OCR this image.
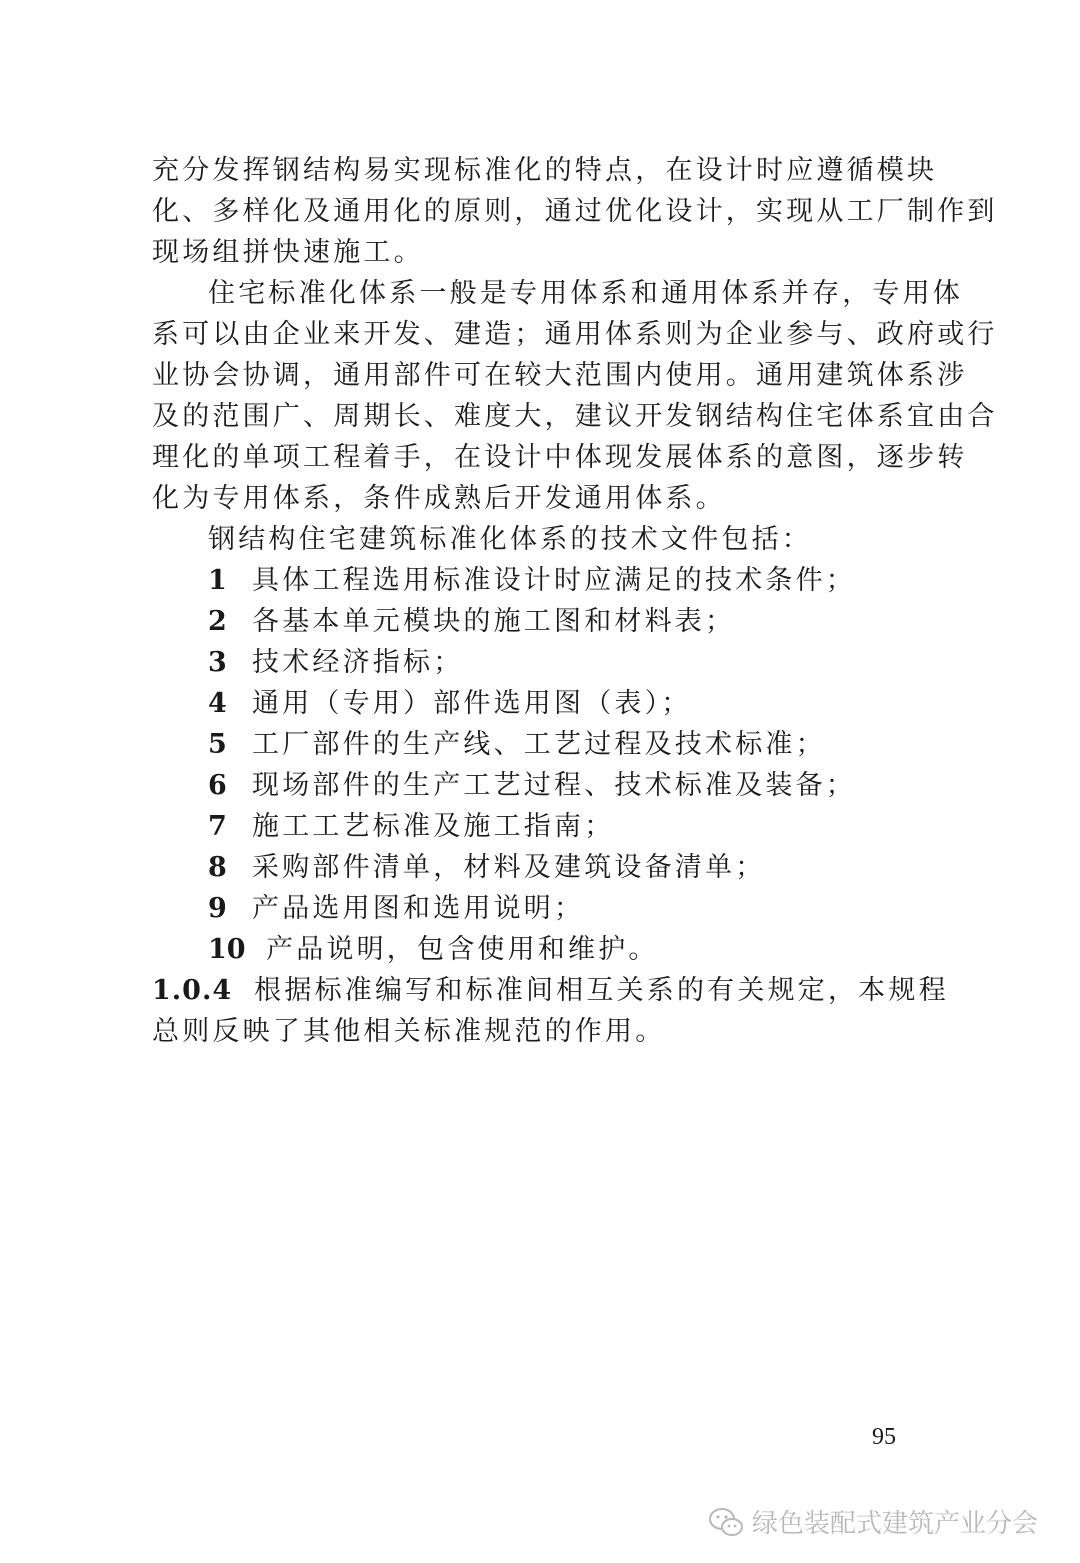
充分发挥钢结构易实现标准化的特点，在设计时应遵循模块
化、多样化及通用化的原则，通过优化设计，实现从工厂制作到
现场组拼快速施工。
住宅标准化体系一般是专用体系和通用体系并存，专用体
系可以由企业来开发、建造；通用体系则为企业参与、政府或行
业协会协调，通用部件可在较大范围内使用。通用建筑体系涉
及的范围广、周期长、难度大，建议开发钢结构住宅体系宜由合
理化的单项工程着手，在设计中体现发展体系的意图，逐步转
化为专用体系，条件成熟后开发通用体系。
钢结构住宅建筑标准化体系的技术文件包括：
1 具体工程选用标准设计时应满足的技术条件；
2 各基本单元模块的施工图和材料表；
3 技术经济指标；
4 通用（专用）部件选用图（表）；
5 工厂部件的生产线、工艺过程及技术标准；
6 现场部件的生产工艺过程、技术标准及装备；
7 施工工艺标准及施工指南；
8 采购部件清单，材料及建筑设备清单；
9 产品选用图和选用说明；
10 产品说明，包含使用和维护。
1.0.4 根据标准编写和标准间相互关系的有关规定，本规程
总则反映了其他相关标准规范的作用。
95
绿色装配式建筑产业分会
